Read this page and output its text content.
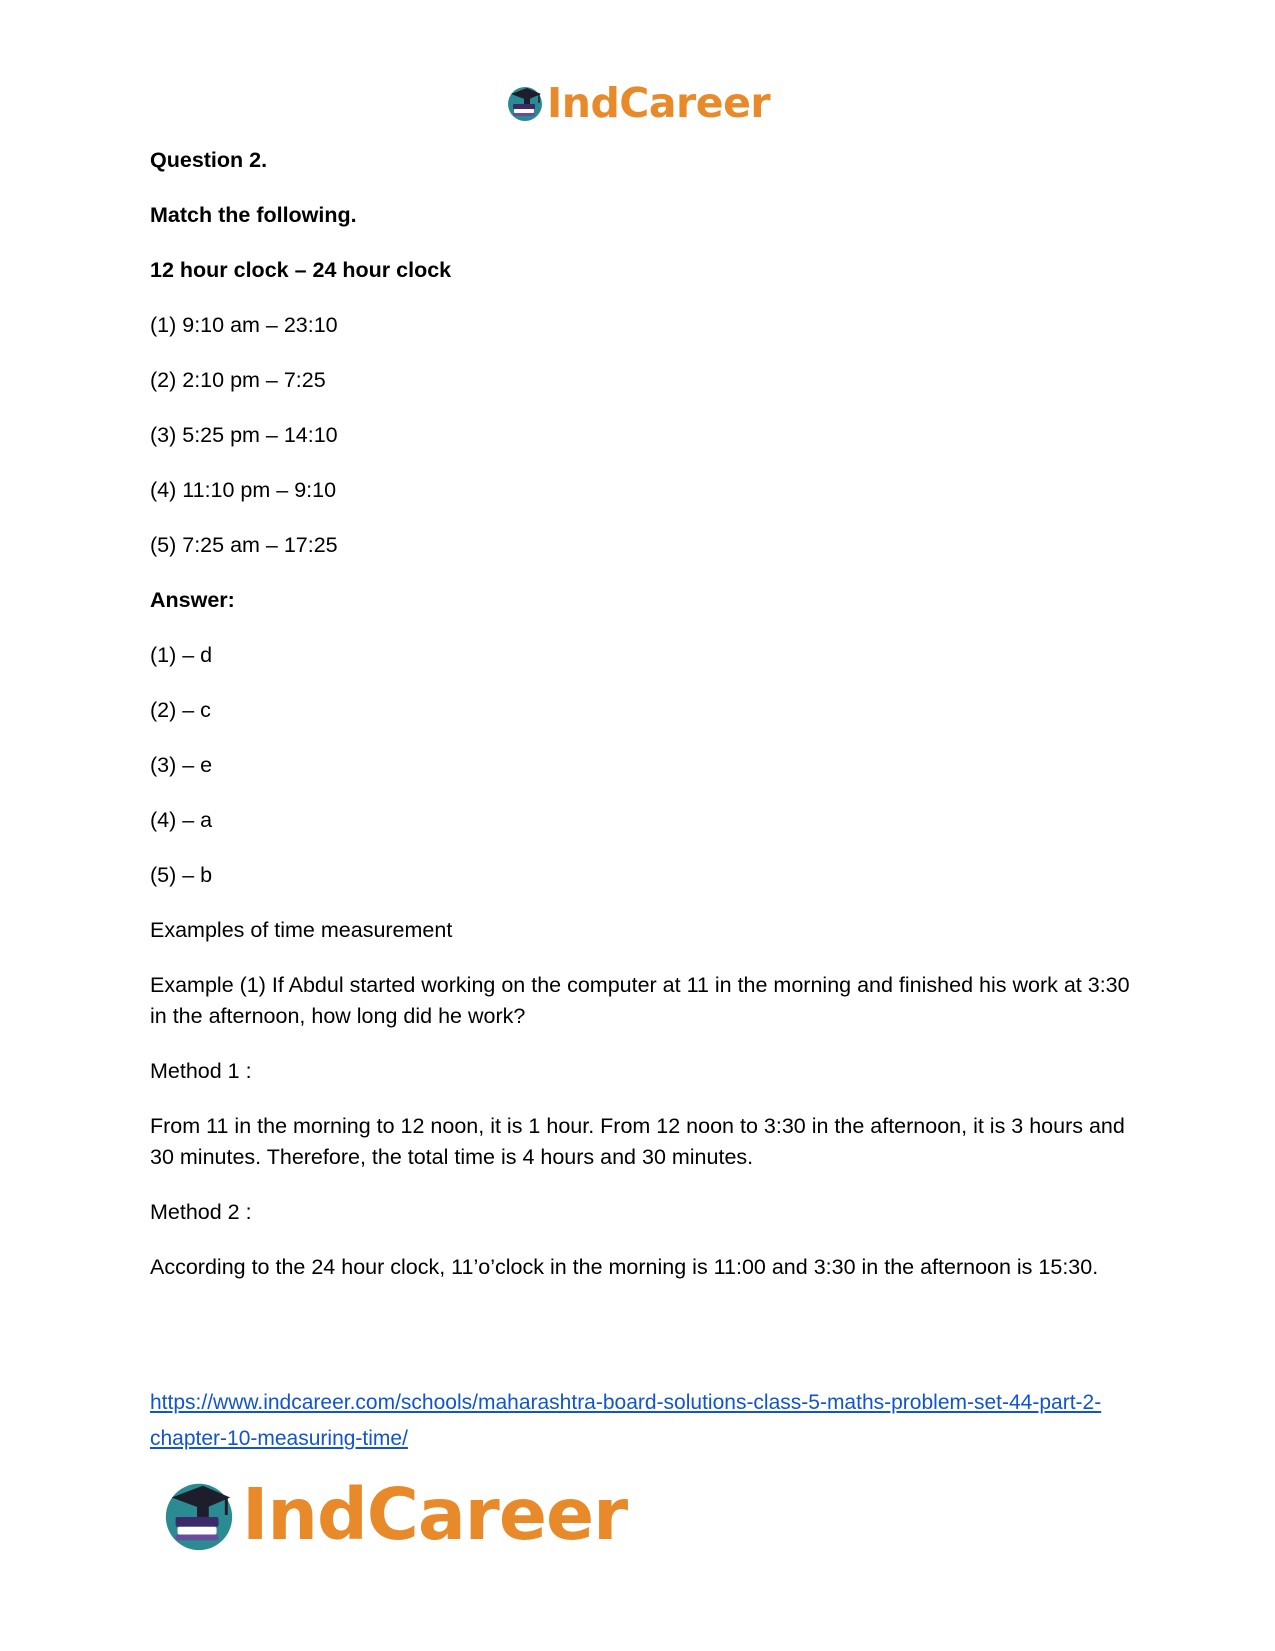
IndCareer

Question 2.

Match the following.

12 hour clock – 24 hour clock

(1) 9:10 am – 23:10

(2) 2:10 pm – 7:25

(3) 5:25 pm – 14:10

(4) 11:10 pm – 9:10

(5) 7:25 am – 17:25

Answer:

(1) – d

(2) – c

(3) – e

(4) – a

(5) – b

Examples of time measurement

Example (1) If Abdul started working on the computer at 11 in the morning and finished his work at 3:30 in the afternoon, how long did he work?

Method 1 :

From 11 in the morning to 12 noon, it is 1 hour. From 12 noon to 3:30 in the afternoon, it is 3 hours and 30 minutes. Therefore, the total time is 4 hours and 30 minutes.

Method 2 :

According to the 24 hour clock, 11’o’clock in the morning is 11:00 and 3:30 in the afternoon is 15:30.

https://www.indcareer.com/schools/maharashtra-board-solutions-class-5-maths-problem-set-44-part-2-chapter-10-measuring-time/
IndCareer
